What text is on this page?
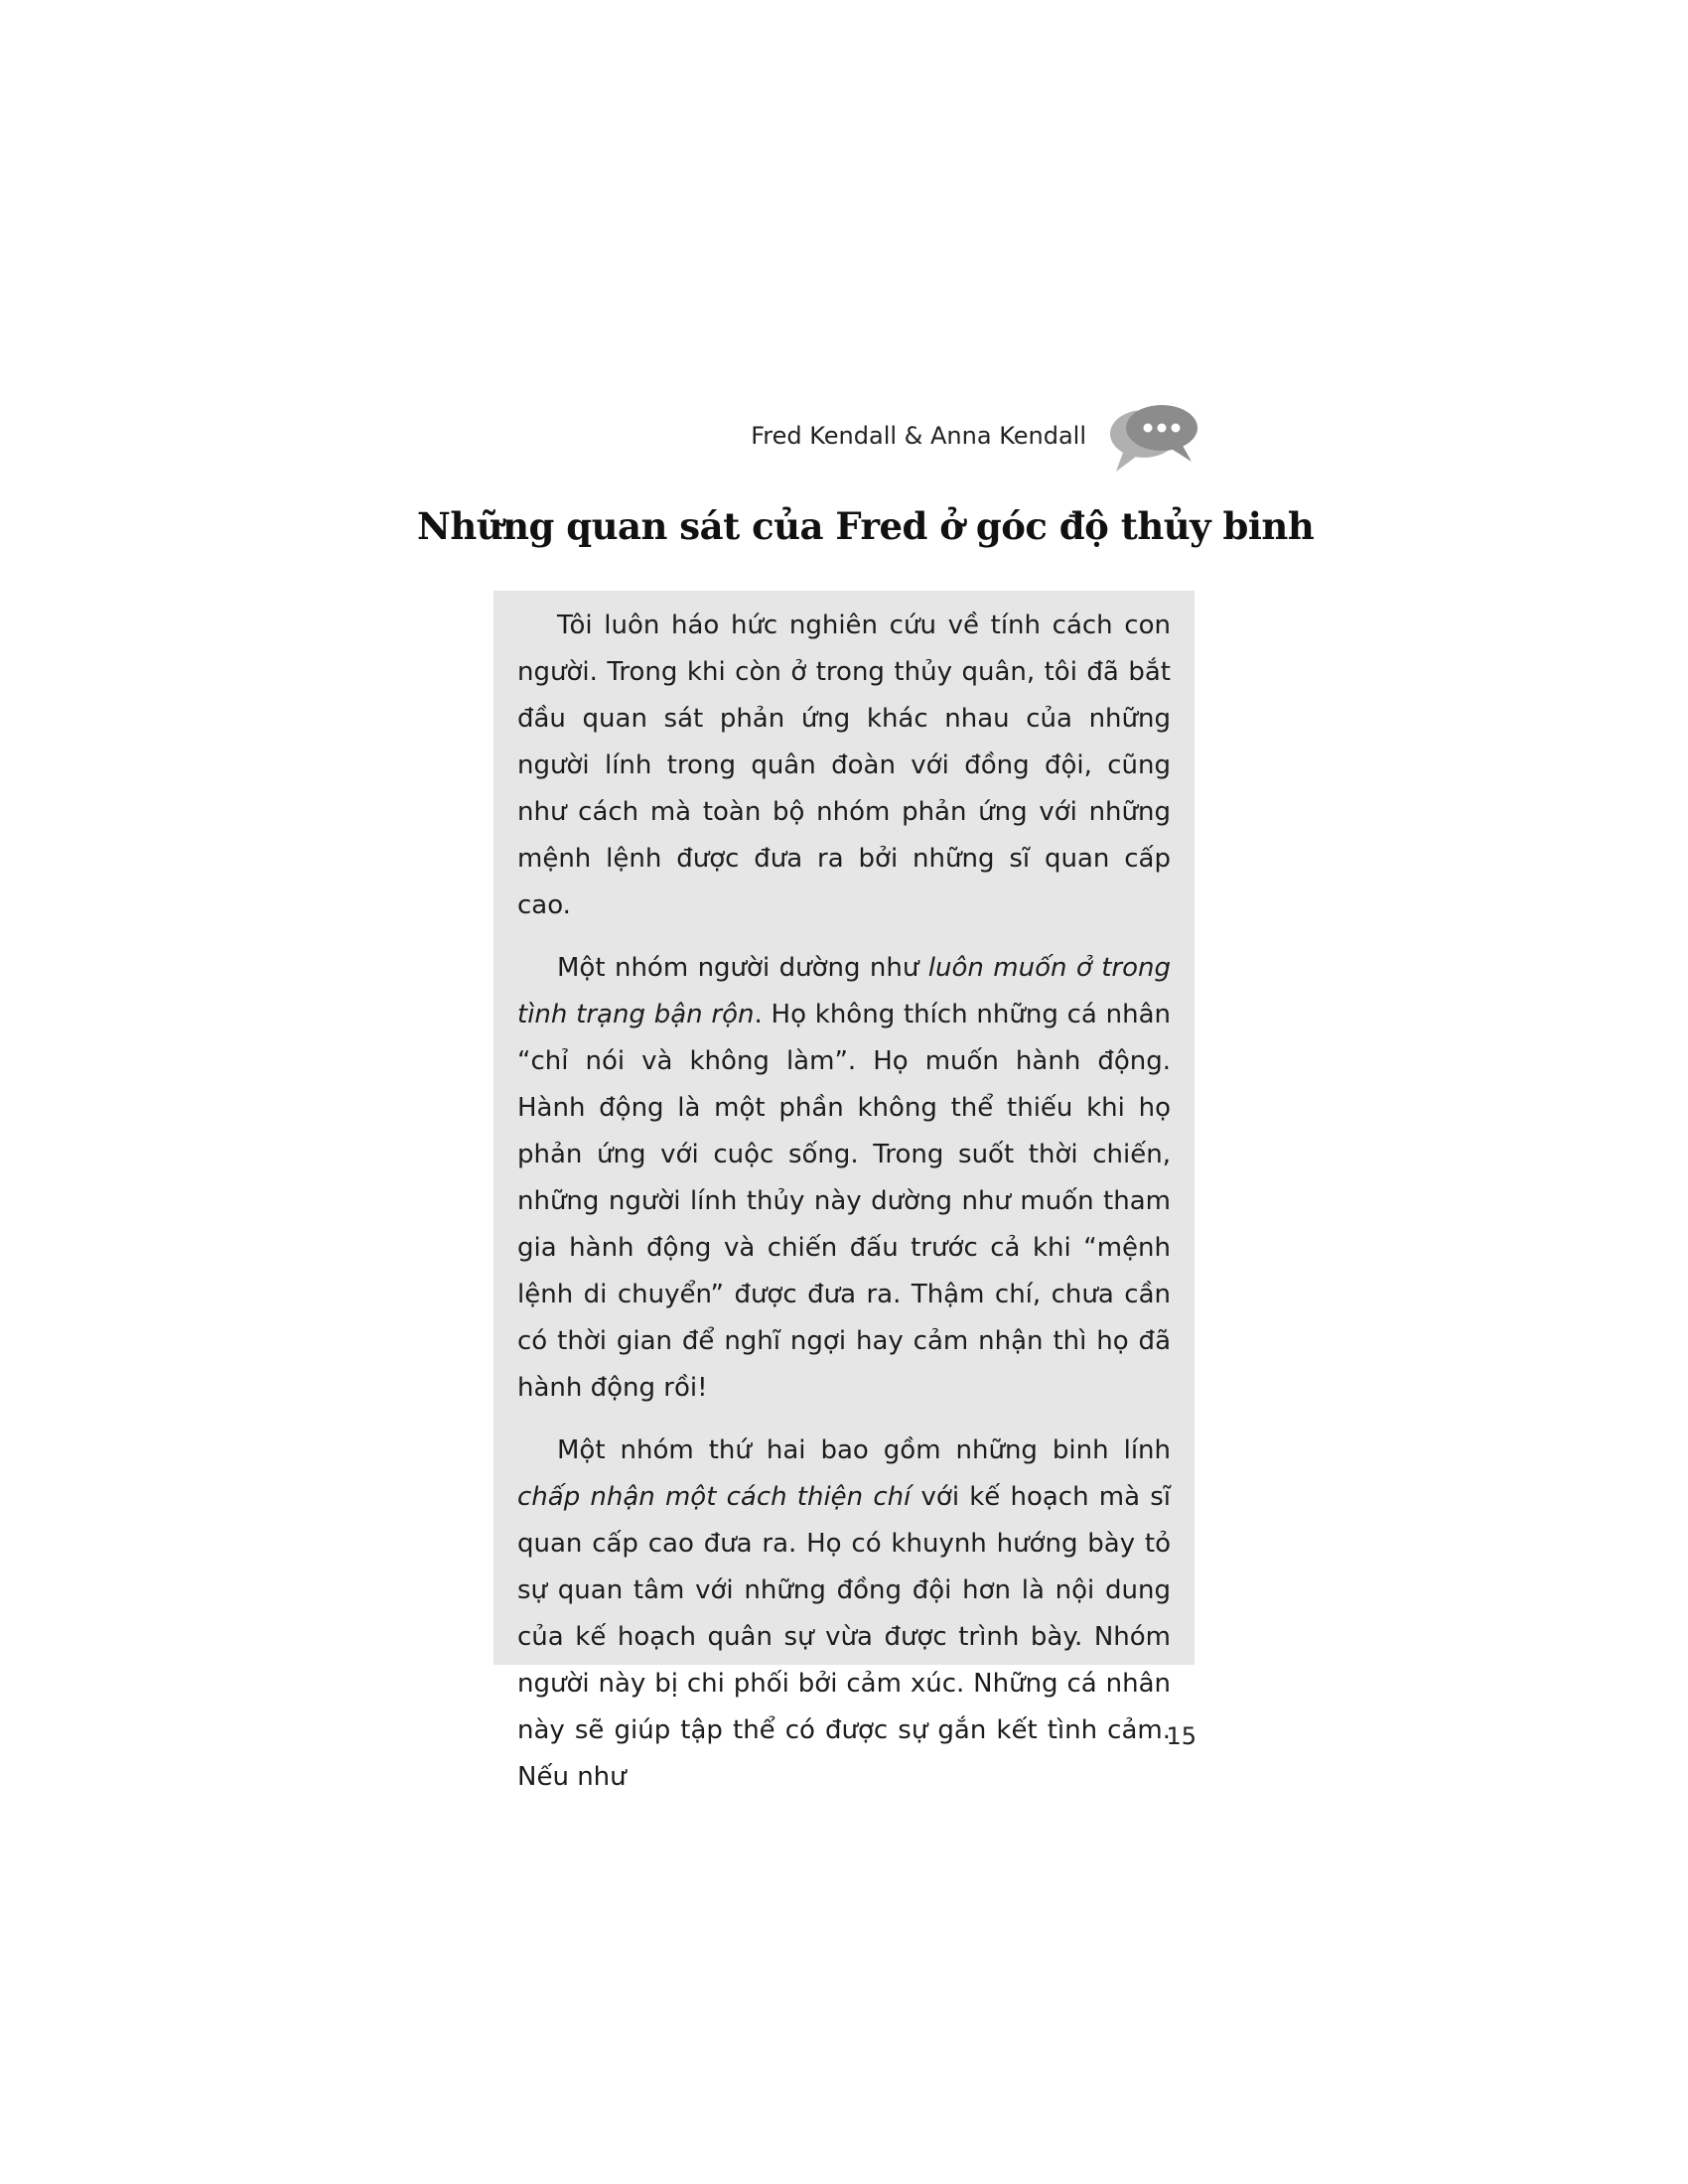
Fred Kendall & Anna Kendall
Những quan sát của Fred ở góc độ thủy binh

Tôi luôn háo hức nghiên cứu về tính cách con người. Trong khi còn ở trong thủy quân, tôi đã bắt đầu quan sát phản ứng khác nhau của những người lính trong quân đoàn với đồng đội, cũng như cách mà toàn bộ nhóm phản ứng với những mệnh lệnh được đưa ra bởi những sĩ quan cấp cao.

Một nhóm người dường như luôn muốn ở trong tình trạng bận rộn. Họ không thích những cá nhân “chỉ nói và không làm”. Họ muốn hành động. Hành động là một phần không thể thiếu khi họ phản ứng với cuộc sống. Trong suốt thời chiến, những người lính thủy này dường như muốn tham gia hành động và chiến đấu trước cả khi “mệnh lệnh di chuyển” được đưa ra. Thậm chí, chưa cần có thời gian để nghĩ ngợi hay cảm nhận thì họ đã hành động rồi!

Một nhóm thứ hai bao gồm những binh lính chấp nhận một cách thiện chí với kế hoạch mà sĩ quan cấp cao đưa ra. Họ có khuynh hướng bày tỏ sự quan tâm với những đồng đội hơn là nội dung của kế hoạch quân sự vừa được trình bày. Nhóm người này bị chi phối bởi cảm xúc. Những cá nhân này sẽ giúp tập thể có được sự gắn kết tình cảm. Nếu như

15
